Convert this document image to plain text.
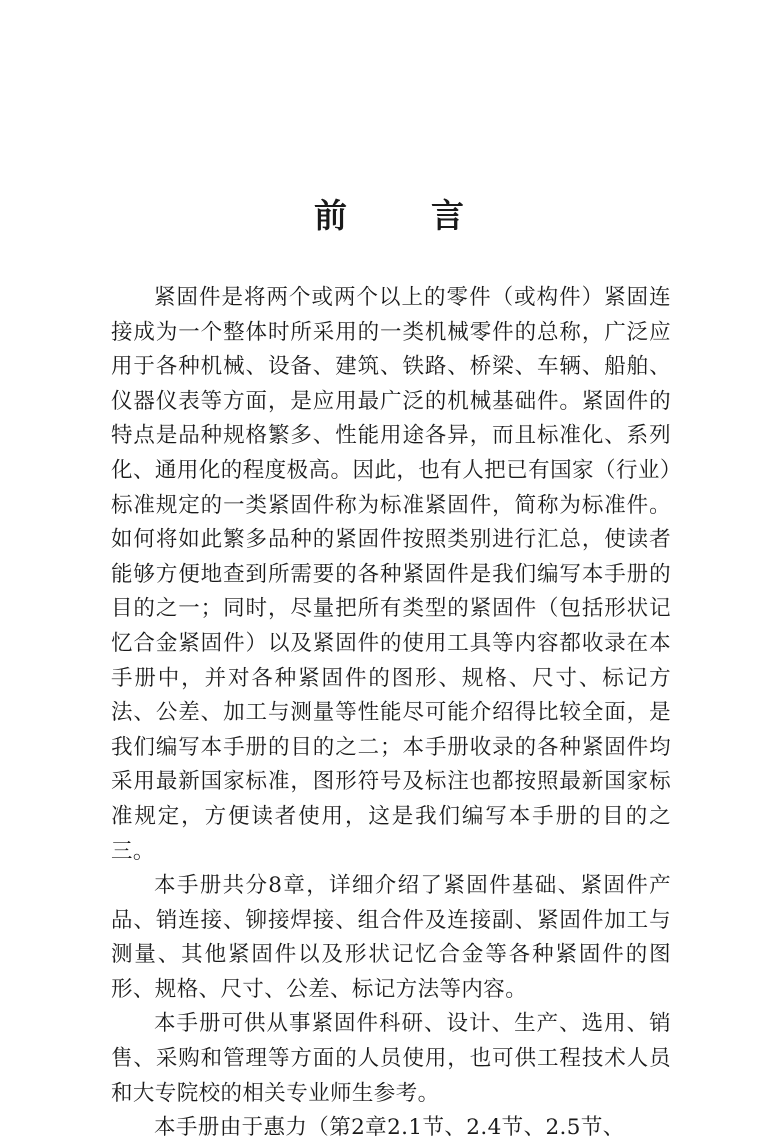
前	言

紧固件是将两个或两个以上的零件（或构件）紧固连接成为一个整体时所采用的一类机械零件的总称，广泛应用于各种机械、设备、建筑、铁路、桥梁、车辆、船舶、仪器仪表等方面，是应用最广泛的机械基础件。紧固件的特点是品种规格繁多、性能用途各异，而且标准化、系列化、通用化的程度极高。因此，也有人把已有国家（行业）标准规定的一类紧固件称为标准紧固件，简称为标准件。如何将如此繁多品种的紧固件按照类别进行汇总，使读者能够方便地查到所需要的各种紧固件是我们编写本手册的目的之一；同时，尽量把所有类型的紧固件（包括形状记忆合金紧固件）以及紧固件的使用工具等内容都收录在本手册中，并对各种紧固件的图形、规格、尺寸、标记方法、公差、加工与测量等性能尽可能介绍得比较全面，是我们编写本手册的目的之二；本手册收录的各种紧固件均采用最新国家标准，图形符号及标注也都按照最新国家标准规定，方便读者使用，这是我们编写本手册的目的之三。

本手册共分8章，详细介绍了紧固件基础、紧固件产品、销连接、铆接焊接、组合件及连接副、紧固件加工与测量、其他紧固件以及形状记忆合金等各种紧固件的图形、规格、尺寸、公差、标记方法等内容。

本手册可供从事紧固件科研、设计、生产、选用、销售、采购和管理等方面的人员使用，也可供工程技术人员和大专院校的相关专业师生参考。

本手册由于惠力（第2章2.1节、2.4节、2.5节、
